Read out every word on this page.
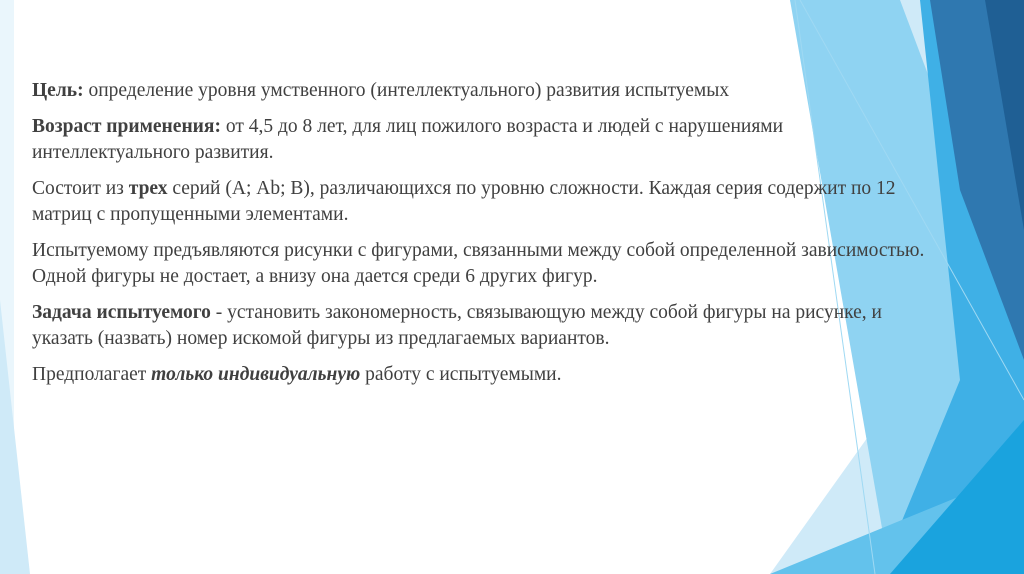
Цель: определение уровня умственного (интеллектуального) развития испытуемых

Возраст применения: от 4,5 до 8 лет, для лиц пожилого возраста и людей с нарушениями интеллектуального развития.

Состоит из трех серий (А; Ab; В), различающихся по уровню сложности. Каждая серия содержит по 12 матриц с пропущенными элементами.

Испытуемому предъявляются рисунки с фигурами, связанными между собой определенной зависимостью. Одной фигуры не достает, а внизу она дается среди 6 других фигур.

Задача испытуемого - установить закономерность, связывающую между собой фигуры на рисунке, и указать (назвать) номер искомой фигуры из предлагаемых вариантов.

Предполагает только индивидуальную работу с испытуемыми.
